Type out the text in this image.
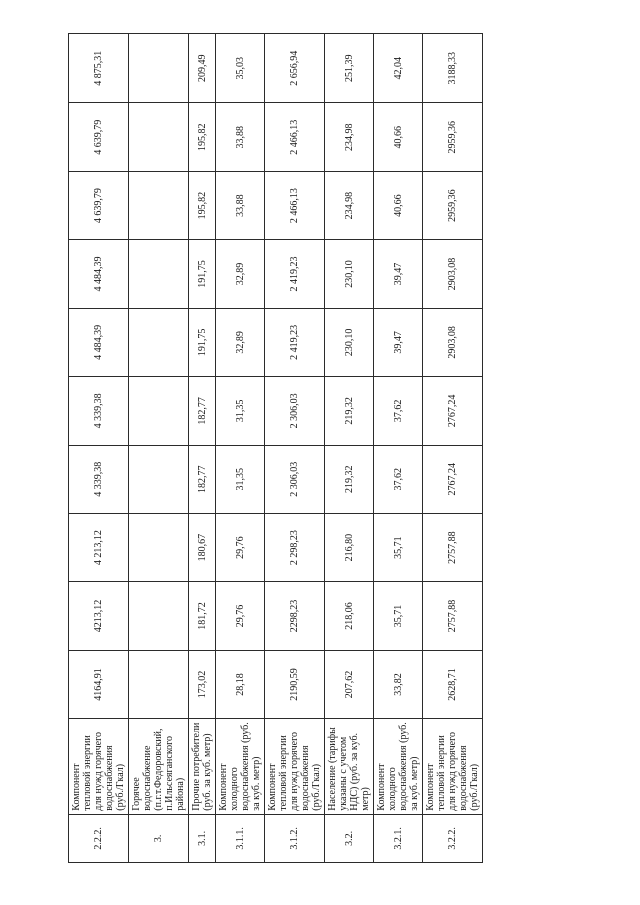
2.2.2.	Компонент тепловой энергии для нужд горячего водоснабжения (руб./Гкал)	4164,91	4213,12	4 213,12	4 339,38	4 339,38	4 484,39	4 484,39	4 639,79	4 639,79	4 875,31
3.	Горячее водоснабжение (п.г.т.Федоровский, п.Ильсеяганского района)										
3.1.	Прочие потребители (руб. за куб. метр)	173,02	181,72	180,67	182,77	182,77	191,75	191,75	195,82	195,82	209,49
3.1.1.	Компонент холодного водоснабжения (руб. за куб. метр)	28,18	29,76	29,76	31,35	31,35	32,89	32,89	33,88	33,88	35,03
3.1.2.	Компонент тепловой энергии для нужд горячего водоснабжения (руб./Гкал)	2190,59	2298,23	2 298,23	2 306,03	2 306,03	2 419,23	2 419,23	2 466,13	2 466,13	2 656,94
3.2.	Население (тарифы указаны с учетом НДС) (руб. за куб. метр)	207,62	218,06	216,80	219,32	219,32	230,10	230,10	234,98	234,98	251,39
3.2.1.	Компонент холодного водоснабжения (руб. за куб. метр)	33,82	35,71	35,71	37,62	37,62	39,47	39,47	40,66	40,66	42,04
3.2.2.	Компонент тепловой энергии для нужд горячего водоснабжения (руб./Гкал)	2628,71	2757,88	2757,88	2767,24	2767,24	2903,08	2903,08	2959,36	2959,36	3188,33
